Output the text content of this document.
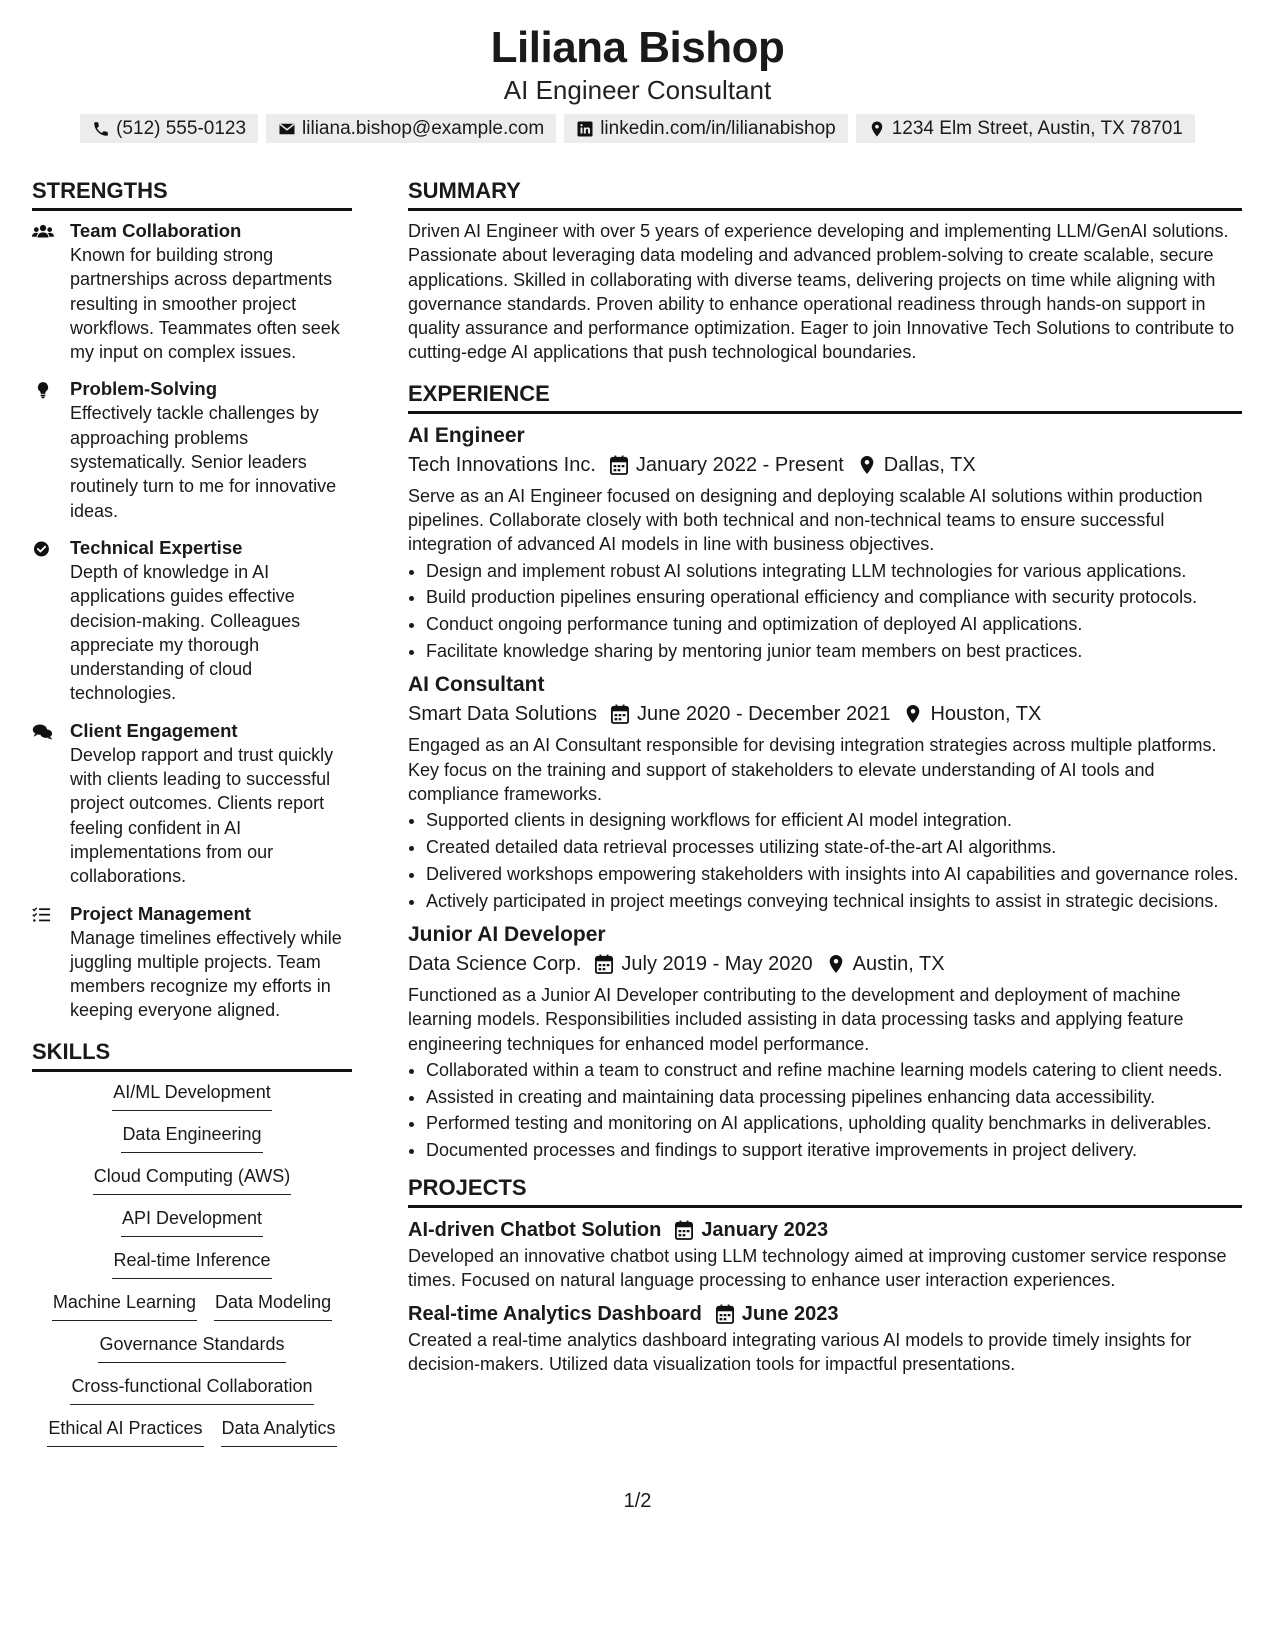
Liliana Bishop
AI Engineer Consultant
(512) 555-0123	liliana.bishop@example.com	linkedin.com/in/lilianabishop	1234 Elm Street, Austin, TX 78701
STRENGTHS
Team Collaboration
Known for building strong partnerships across departments resulting in smoother project workflows. Teammates often seek my input on complex issues.
Problem-Solving
Effectively tackle challenges by approaching problems systematically. Senior leaders routinely turn to me for innovative ideas.
Technical Expertise
Depth of knowledge in AI applications guides effective decision-making. Colleagues appreciate my thorough understanding of cloud technologies.
Client Engagement
Develop rapport and trust quickly with clients leading to successful project outcomes. Clients report feeling confident in AI implementations from our collaborations.
Project Management
Manage timelines effectively while juggling multiple projects. Team members recognize my efforts in keeping everyone aligned.
SKILLS
AI/ML Development
Data Engineering
Cloud Computing (AWS)
API Development
Real-time Inference
Machine Learning Data Modeling
Governance Standards
Cross-functional Collaboration
Ethical AI Practices Data Analytics
SUMMARY
Driven AI Engineer with over 5 years of experience developing and implementing LLM/GenAI solutions. Passionate about leveraging data modeling and advanced problem-solving to create scalable, secure applications. Skilled in collaborating with diverse teams, delivering projects on time while aligning with governance standards. Proven ability to enhance operational readiness through hands-on support in quality assurance and performance optimization. Eager to join Innovative Tech Solutions to contribute to cutting-edge AI applications that push technological boundaries.
EXPERIENCE
AI Engineer
Tech Innovations Inc. January 2022 - Present Dallas, TX
Serve as an AI Engineer focused on designing and deploying scalable AI solutions within production pipelines. Collaborate closely with both technical and non-technical teams to ensure successful integration of advanced AI models in line with business objectives.
• Design and implement robust AI solutions integrating LLM technologies for various applications.
• Build production pipelines ensuring operational efficiency and compliance with security protocols.
• Conduct ongoing performance tuning and optimization of deployed AI applications.
• Facilitate knowledge sharing by mentoring junior team members on best practices.
AI Consultant
Smart Data Solutions June 2020 - December 2021 Houston, TX
Engaged as an AI Consultant responsible for devising integration strategies across multiple platforms. Key focus on the training and support of stakeholders to elevate understanding of AI tools and compliance frameworks.
• Supported clients in designing workflows for efficient AI model integration.
• Created detailed data retrieval processes utilizing state-of-the-art AI algorithms.
• Delivered workshops empowering stakeholders with insights into AI capabilities and governance roles.
• Actively participated in project meetings conveying technical insights to assist in strategic decisions.
Junior AI Developer
Data Science Corp. July 2019 - May 2020 Austin, TX
Functioned as a Junior AI Developer contributing to the development and deployment of machine learning models. Responsibilities included assisting in data processing tasks and applying feature engineering techniques for enhanced model performance.
• Collaborated within a team to construct and refine machine learning models catering to client needs.
• Assisted in creating and maintaining data processing pipelines enhancing data accessibility.
• Performed testing and monitoring on AI applications, upholding quality benchmarks in deliverables.
• Documented processes and findings to support iterative improvements in project delivery.
PROJECTS
AI-driven Chatbot Solution January 2023
Developed an innovative chatbot using LLM technology aimed at improving customer service response times. Focused on natural language processing to enhance user interaction experiences.
Real-time Analytics Dashboard June 2023
Created a real-time analytics dashboard integrating various AI models to provide timely insights for decision-makers. Utilized data visualization tools for impactful presentations.
1/2
